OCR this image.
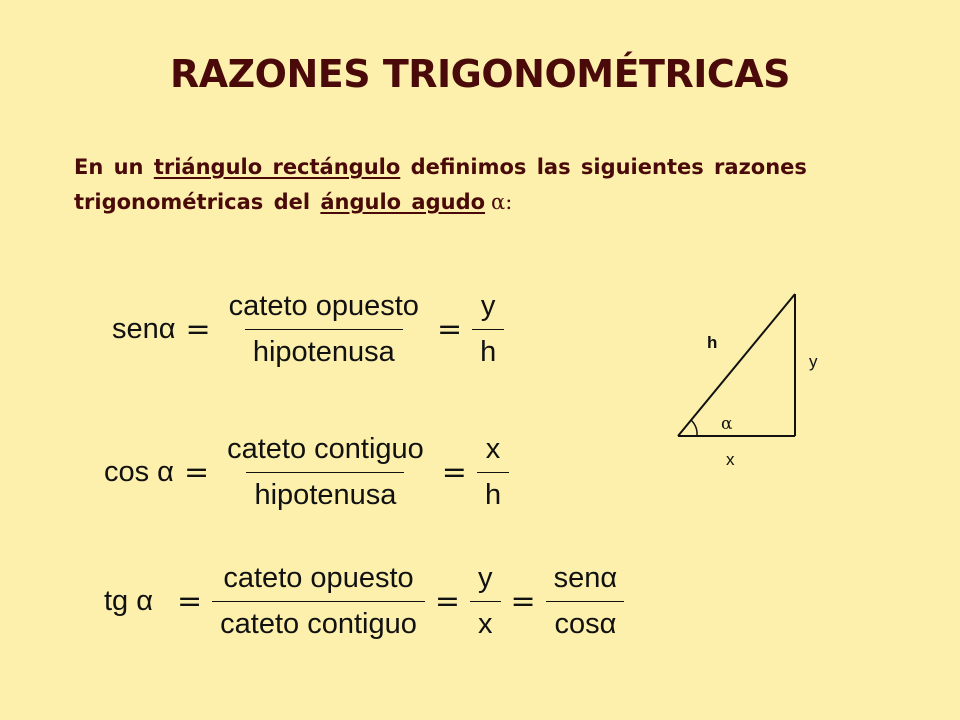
RAZONES TRIGONOMÉTRICAS
En un triángulo rectángulo definimos las siguientes razones trigonométricas del ángulo agudo α:
$sen\alpha = \frac{\text{cateto opuesto}}{\text{hipotenusa}} = \frac{y}{h}$
$\cos \alpha = \frac{\text{cateto contiguo}}{\text{hipotenusa}} = \frac{x}{h}$
tg $\alpha = \frac{\text{cateto opuesto}}{\text{cateto contiguo}} = \frac{y}{x} = \frac{\text{senα}}{\cos\alpha}$
h
y
x
α
